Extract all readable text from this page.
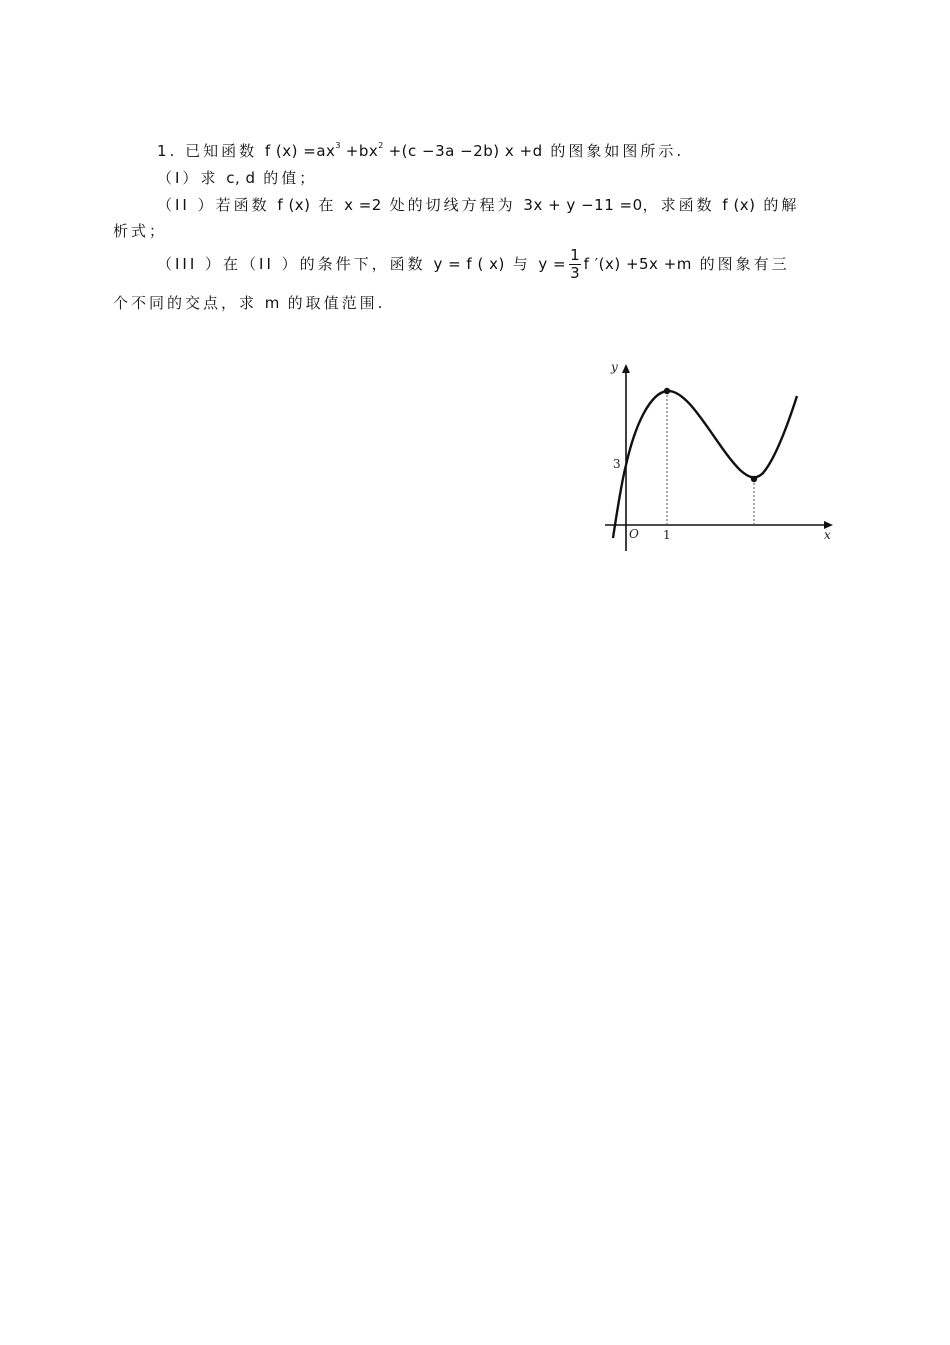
1. 已知函数 f $(x) =ax^3 +bx^2 +(c -3a -2b)$ x +d 的图象如图所示.
（I）求 c, d 的值；
（II ）若函数 f (x) 在 x =2 处的切线方程为 3x + y −11 =0，求函数 f (x) 的解
析式；
（III ）在（II ）的条件下，函数 y = f ( x) 与 $y = \frac{1}{3}$ f ′(x) +5x +m 的图象有三
个不同的交点，求 m 的取值范围.
y
x
O 1
3
